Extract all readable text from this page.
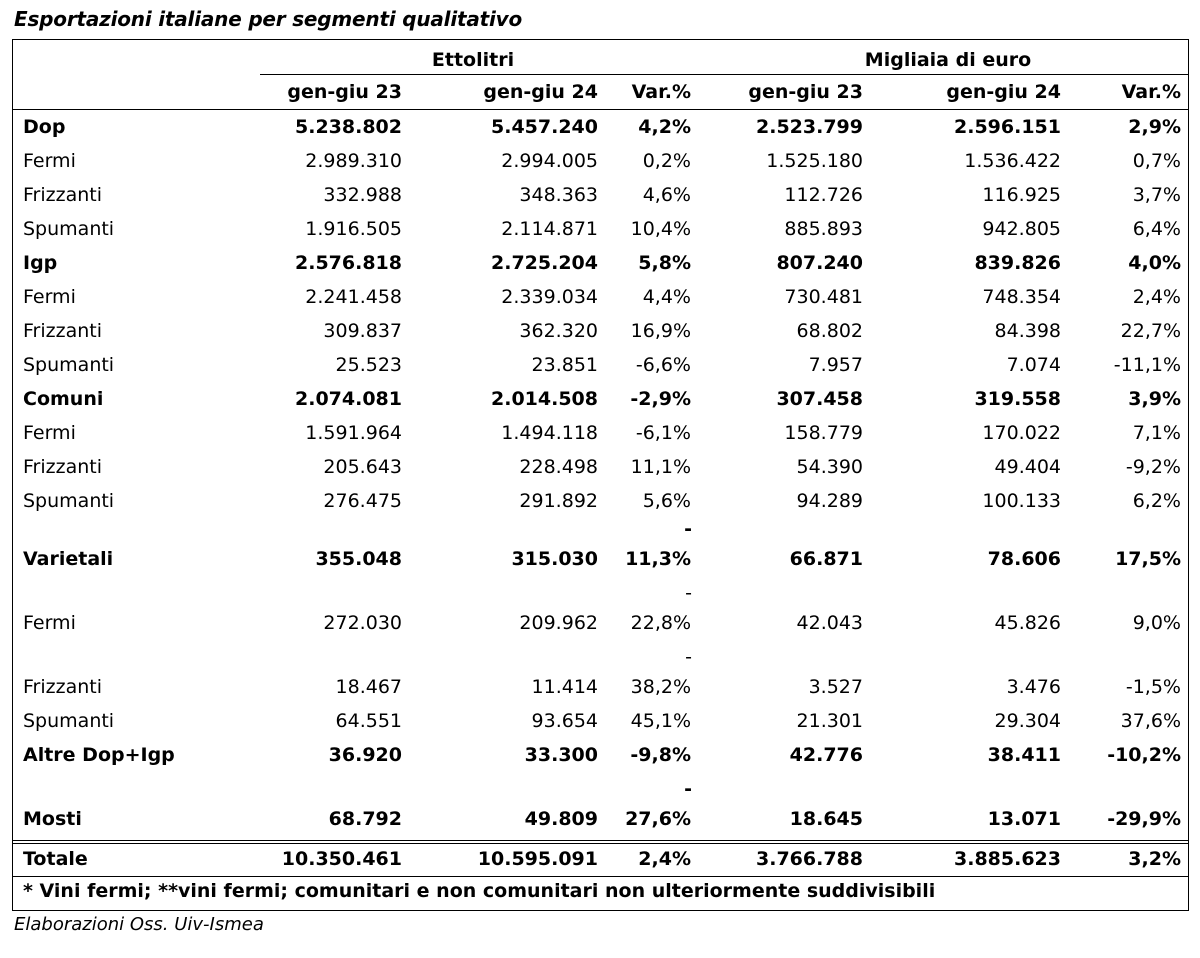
Esportazioni italiane per segmenti qualitativo
Ettolitri	Migliaia di euro
gen-giu 23	gen-giu 24 Var.%	gen-giu 23	gen-giu 24	Var.%
Dop	5.238.802	5.457.240 4,2%	2.523.799	2.596.151	2,9%
Fermi	2.989.310	2.994.005 0,2%	1.525.180	1.536.422	0,7%
Frizzanti	332.988	348.363 4,6%	112.726	116.925	3,7%
Spumanti	1.916.505	2.114.871 10,4%	885.893	942.805	6,4%
Igp	2.576.818	2.725.204 5,8%	807.240	839.826	4,0%
Fermi	2.241.458	2.339.034 4,4%	730.481	748.354	2,4%
Frizzanti	309.837	362.320 16,9%	68.802	84.398	22,7%
Spumanti	25.523	23.851 -6,6%	7.957	7.074	-11,1%
Comuni	2.074.081	2.014.508 -2,9%	307.458	319.558	3,9%
Fermi	1.591.964	1.494.118 -6,1%	158.779	170.022	7,1%
Frizzanti	205.643	228.498 11,1%	54.390	49.404	-9,2%
Spumanti	276.475	291.892 5,6%	94.289	100.133	6,2%
Varietali	355.048	315.030 11,3%	66.871	78.606	17,5%
-
Fermi	272.030	209.962 22,8%	42.043	45.826	9,0%
-
Frizzanti	18.467	11.414 38,2%	3.527	3.476	-1,5%
-
Spumanti	64.551	93.654 45,1%	21.301	29.304	37,6%
Altre Dop+Igp	36.920	33.300 -9,8%	42.776	38.411 -10,2%
Mosti	68.792	49.809 27,6%	18.645	13.071 -29,9%
-
Totale	10.350.461	10.595.091 2,4%	3.766.788	3.885.623	3,2%
* Vini fermi; **vini fermi; comunitari e non comunitari non ulteriormente suddivisibili
Elaborazioni Oss. Uiv-Ismea
